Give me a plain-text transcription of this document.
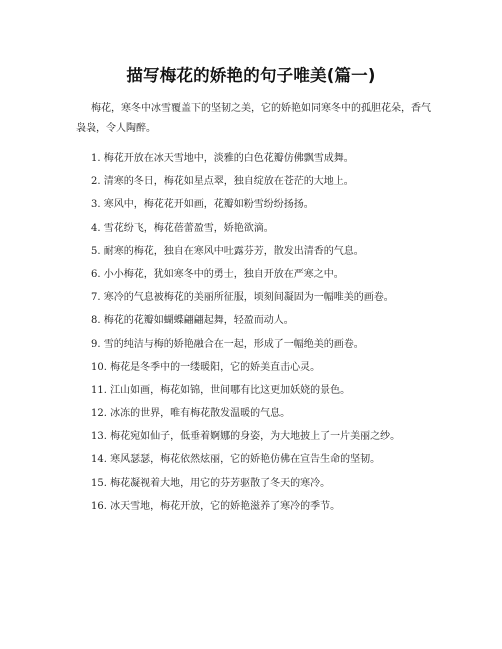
描写梅花的娇艳的句子唯美(篇一)
梅花，寒冬中冰雪覆盖下的坚韧之美，它的娇艳如同寒冬中的孤胆花朵，香气
袅袅，令人陶醉。
1. 梅花开放在冰天雪地中，淡雅的白色花瓣仿佛飘雪成舞。
2. 清寒的冬日，梅花如星点翠，独自绽放在苍茫的大地上。
3. 寒风中，梅花花开如画，花瓣如粉雪纷纷扬扬。
4. 雪花纷飞，梅花蓓蕾盈雪，娇艳欲滴。
5. 耐寒的梅花，独自在寒风中吐露芬芳，散发出清香的气息。
6. 小小梅花，犹如寒冬中的勇士，独自开放在严寒之中。
7. 寒冷的气息被梅花的美丽所征服，顷刻间凝固为一幅唯美的画卷。
8. 梅花的花瓣如蝴蝶翩翩起舞，轻盈而动人。
9. 雪的纯洁与梅的娇艳融合在一起，形成了一幅绝美的画卷。
10. 梅花是冬季中的一缕暖阳，它的娇美直击心灵。
11. 江山如画，梅花如锦，世间哪有比这更加妖娆的景色。
12. 冰冻的世界，唯有梅花散发温暖的气息。
13. 梅花宛如仙子，低垂着婀娜的身姿，为大地披上了一片美丽之纱。
14. 寒风瑟瑟，梅花依然炫丽，它的娇艳仿佛在宣告生命的坚韧。
15. 梅花凝视着大地，用它的芬芳驱散了冬天的寒冷。
16. 冰天雪地，梅花开放，它的娇艳滋养了寒冷的季节。
